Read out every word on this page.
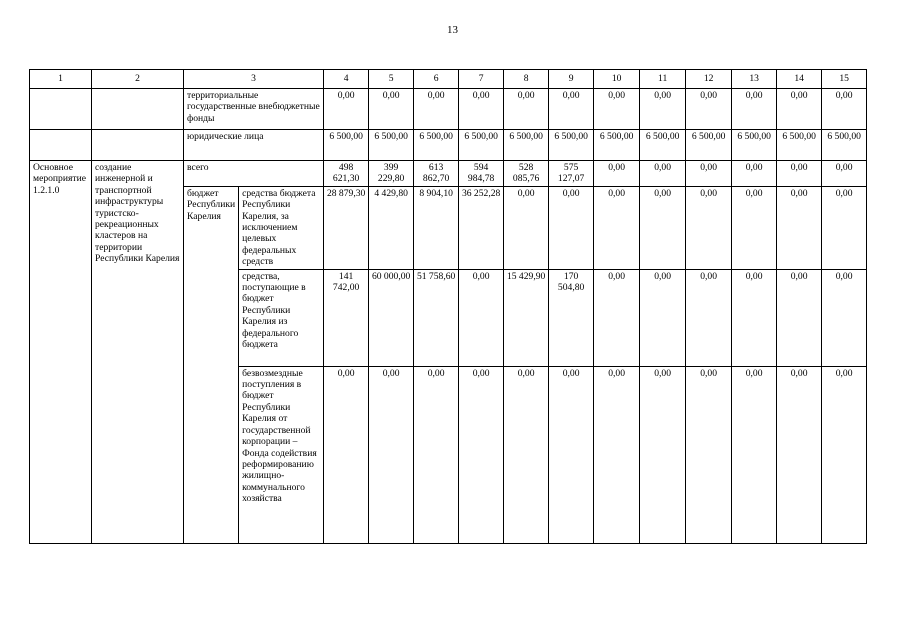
13
1	2	3		4	5	6	7	8	9	10	11	12	13	14	15
		территориальные государственные внебюджетные фонды		0,00	0,00	0,00	0,00	0,00	0,00	0,00	0,00	0,00	0,00	0,00	0,00
		юридические лица		6 500,00	6 500,00	6 500,00	6 500,00	6 500,00	6 500,00	6 500,00	6 500,00	6 500,00	6 500,00	6 500,00	6 500,00
Основное мероприятие 1.2.1.0	создание инженерной и транспортной инфраструктуры туристско-рекреационных кластеров на территории Республики Карелия	всего		498 621,30	399 229,80	613 862,70	594 984,78	528 085,76	575 127,07	0,00	0,00	0,00	0,00	0,00	0,00
		бюджет Республики Карелия	средства бюджета Республики Карелия, за исключением целевых федеральных средств	28 879,30	4 429,80	8 904,10	36 252,28	0,00	0,00	0,00	0,00	0,00	0,00	0,00	0,00
			средства, поступающие в бюджет Республики Карелия из федерального бюджета	141 742,00	60 000,00	51 758,60	0,00	15 429,90	170 504,80	0,00	0,00	0,00	0,00	0,00	0,00
			безвозмездные поступления в бюджет Республики Карелия от государственной корпорации – Фонда содействия реформированию жилищно-коммунального хозяйства	0,00	0,00	0,00	0,00	0,00	0,00	0,00	0,00	0,00	0,00	0,00	0,00
